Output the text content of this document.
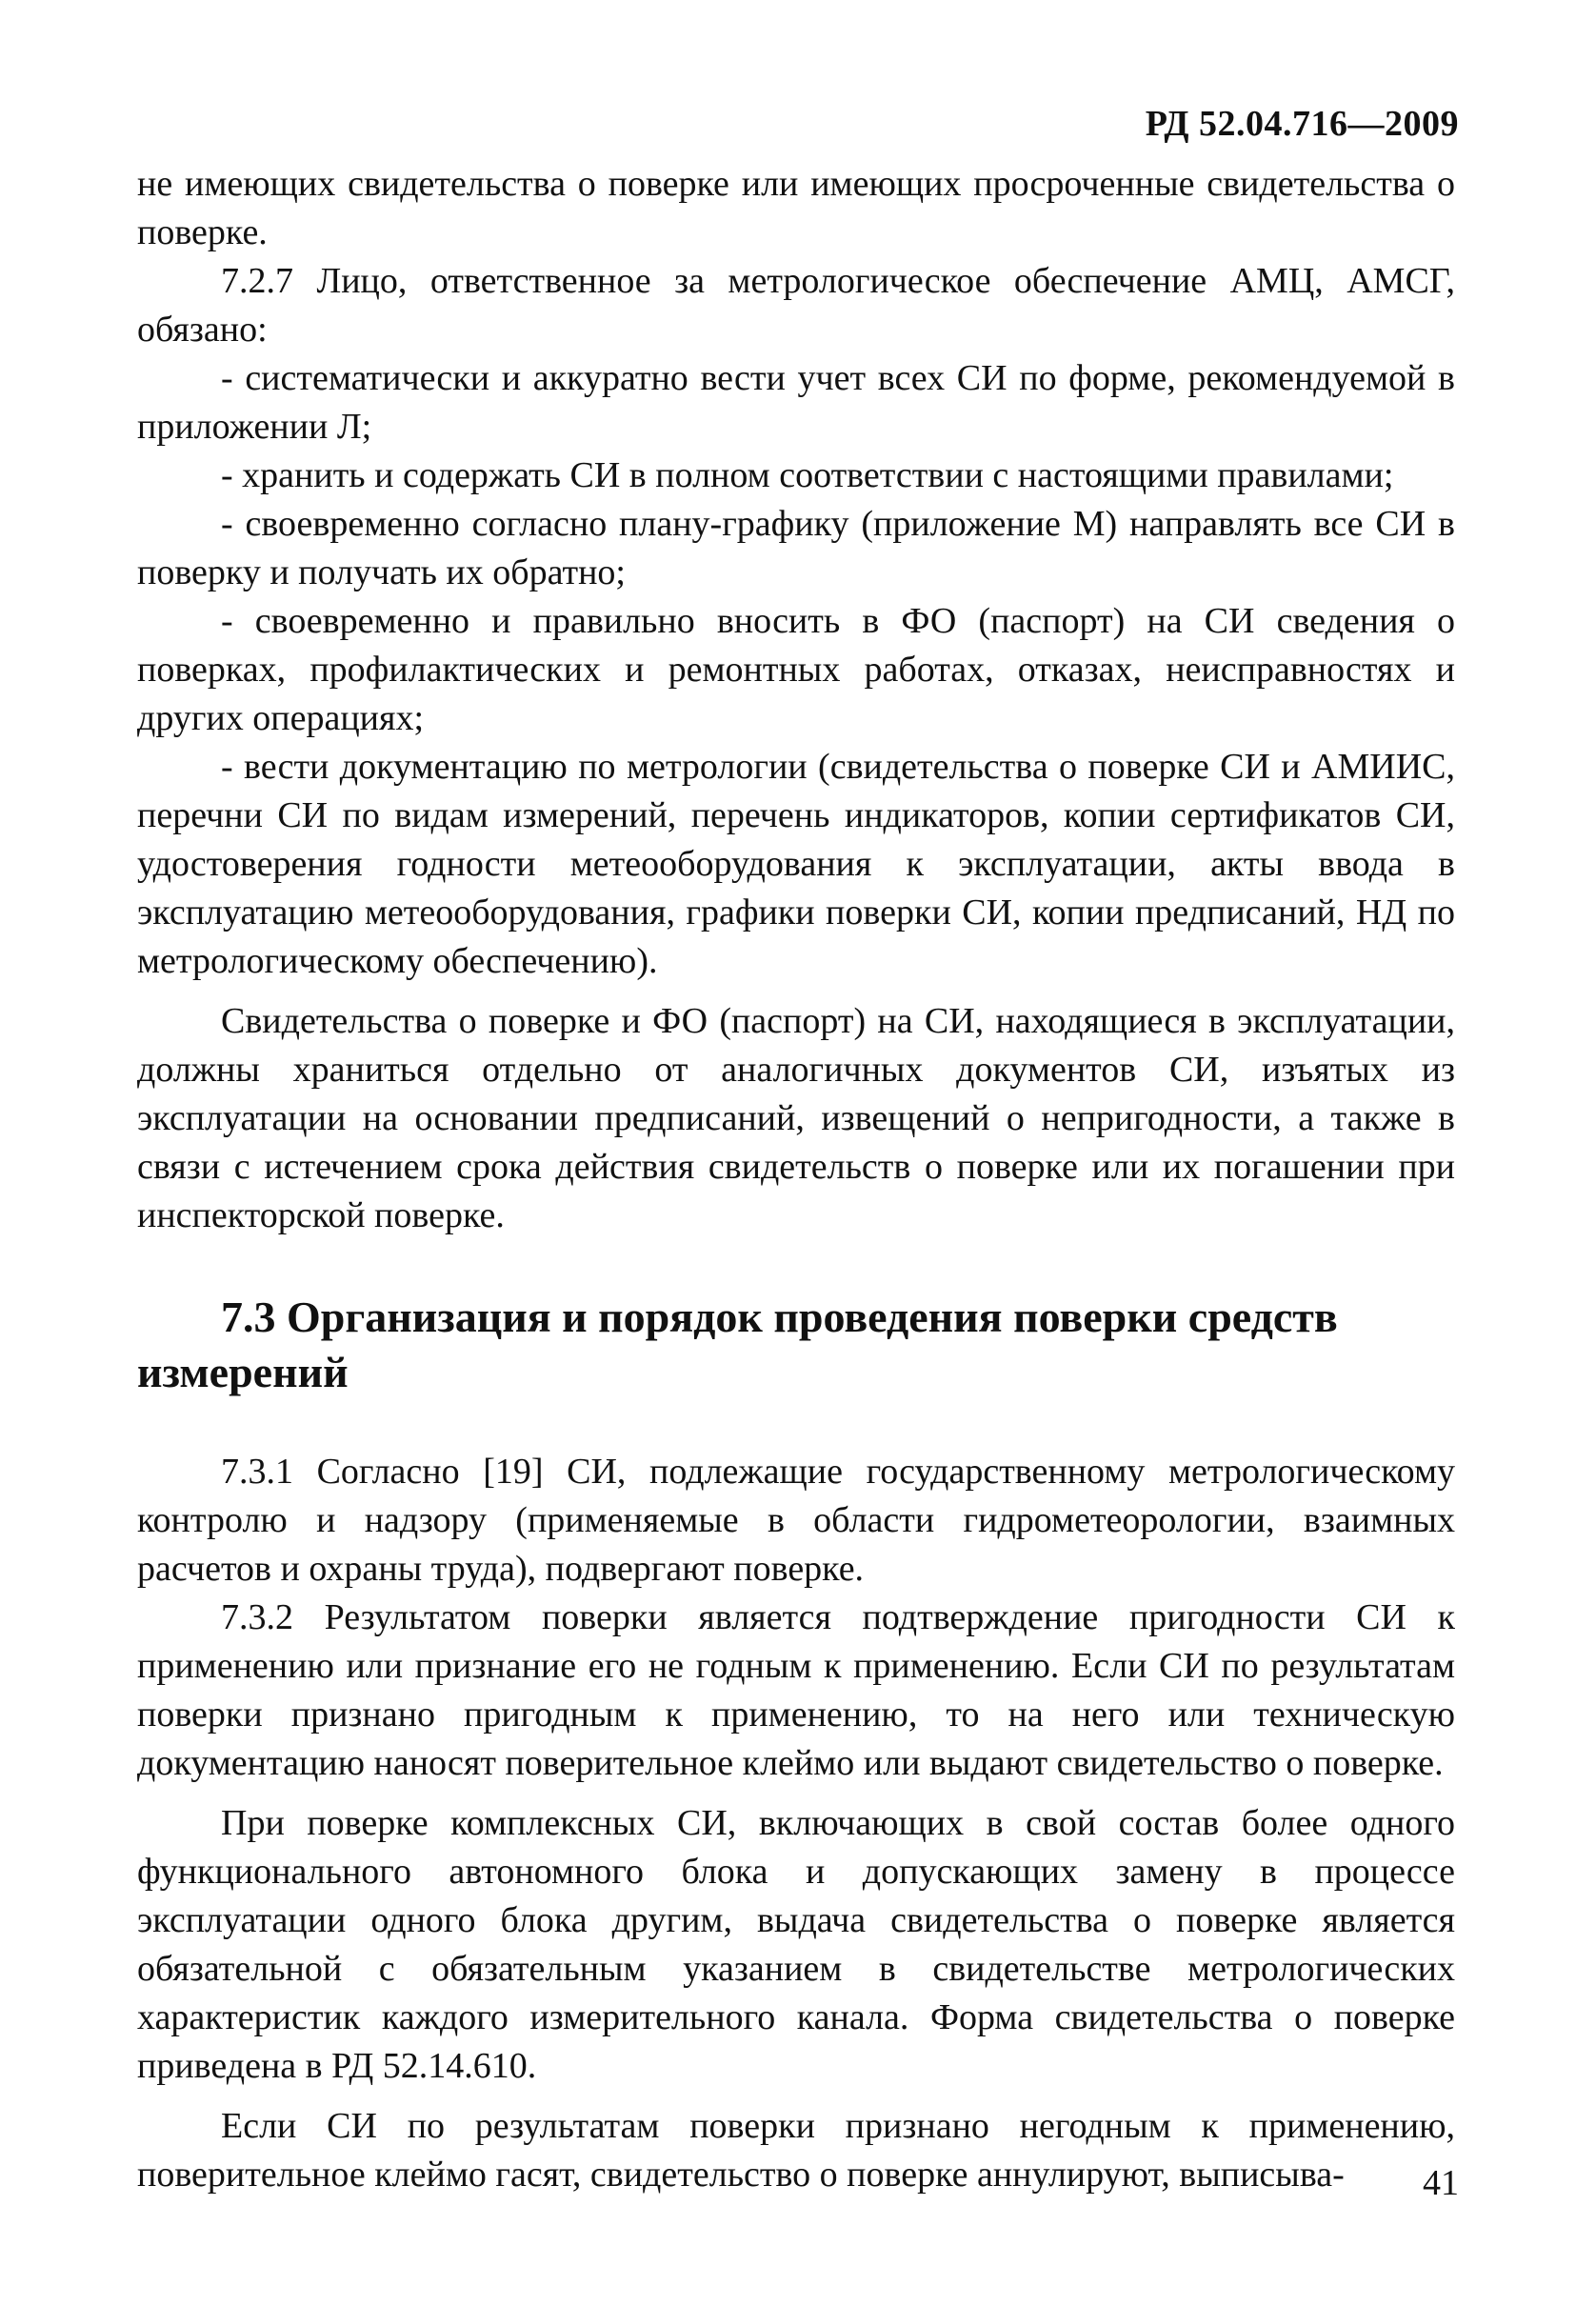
РД 52.04.716—2009

не имеющих свидетельства о поверке или имеющих просроченные свидетельства о поверке.

7.2.7 Лицо, ответственное за метрологическое обеспечение АМЦ, АМСГ, обязано:

- систематически и аккуратно вести учет всех СИ по форме, рекомендуемой в приложении Л;

- хранить и содержать СИ в полном соответствии с настоящими правилами;

- своевременно согласно плану-графику (приложение М) направлять все СИ в поверку и получать их обратно;

- своевременно и правильно вносить в ФО (паспорт) на СИ сведения о поверках, профилактических и ремонтных работах, отказах, неисправностях и других операциях;

- вести документацию по метрологии (свидетельства о поверке СИ и АМИИС, перечни СИ по видам измерений, перечень индикаторов, копии сертификатов СИ, удостоверения годности метеооборудования к эксплуатации, акты ввода в эксплуатацию метеооборудования, графики поверки СИ, копии предписаний, НД по метрологическому обеспечению).

Свидетельства о поверке и ФО (паспорт) на СИ, находящиеся в эксплуатации, должны храниться отдельно от аналогичных документов СИ, изъятых из эксплуатации на основании предписаний, извещений о непригодности, а также в связи с истечением срока действия свидетельств о поверке или их погашении при инспекторской поверке.

7.3 Организация и порядок проведения поверки средств измерений

7.3.1 Согласно [19] СИ, подлежащие государственному метрологическому контролю и надзору (применяемые в области гидрометеорологии, взаимных расчетов и охраны труда), подвергают поверке.

7.3.2 Результатом поверки является подтверждение пригодности СИ к применению или признание его не годным к применению. Если СИ по результатам поверки признано пригодным к применению, то на него или техническую документацию наносят поверительное клеймо или выдают свидетельство о поверке.

При поверке комплексных СИ, включающих в свой состав более одного функционального автономного блока и допускающих замену в процессе эксплуатации одного блока другим, выдача свидетельства о поверке является обязательной с обязательным указанием в свидетельстве метрологических характеристик каждого измерительного канала. Форма свидетельства о поверке приведена в РД 52.14.610.

Если СИ по результатам поверки признано негодным к применению, поверительное клеймо гасят, свидетельство о поверке аннулируют, выписыва-	41
